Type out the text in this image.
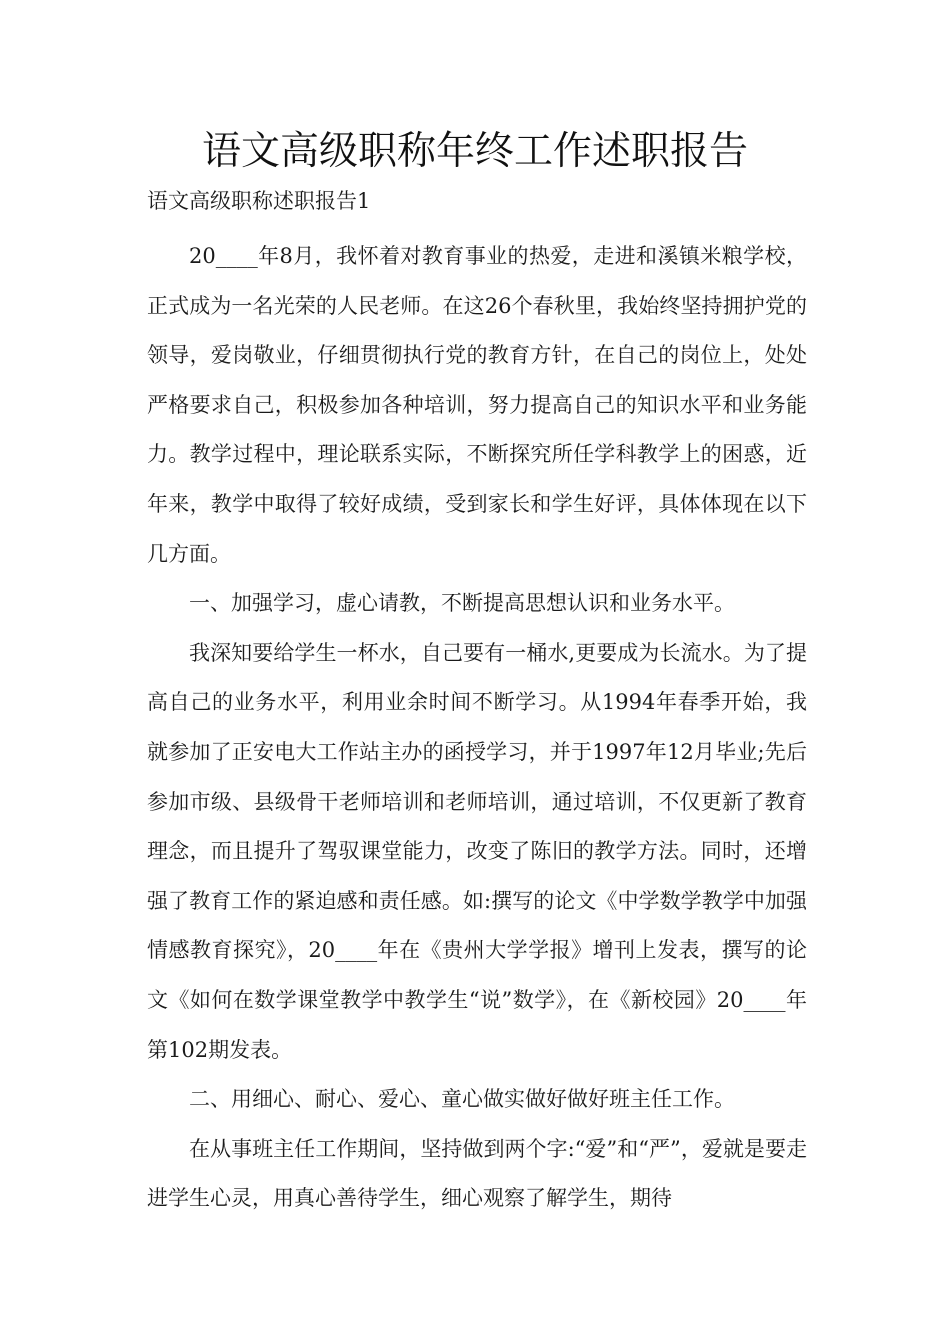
语文高级职称年终工作述职报告
语文高级职称述职报告1

20____年8月，我怀着对教育事业的热爱，走进和溪镇米粮学校，正式成为一名光荣的人民老师。在这26个春秋里，我始终坚持拥护党的领导，爱岗敬业，仔细贯彻执行党的教育方针，在自己的岗位上，处处严格要求自己，积极参加各种培训，努力提高自己的知识水平和业务能力。教学过程中，理论联系实际，不断探究所任学科教学上的困惑，近年来，教学中取得了较好成绩，受到家长和学生好评，具体体现在以下几方面。

一、加强学习，虚心请教，不断提高思想认识和业务水平。

我深知要给学生一杯水，自己要有一桶水,更要成为长流水。为了提高自己的业务水平，利用业余时间不断学习。从1994年春季开始，我就参加了正安电大工作站主办的函授学习，并于1997年12月毕业;先后参加市级、县级骨干老师培训和老师培训，通过培训，不仅更新了教育理念，而且提升了驾驭课堂能力，改变了陈旧的教学方法。同时，还增强了教育工作的紧迫感和责任感。如:撰写的论文《中学数学教学中加强情感教育探究》，20____年在《贵州大学学报》增刊上发表，撰写的论文《如何在数学课堂教学中教学生“说”数学》，在《新校园》20____年第102期发表。

二、用细心、耐心、爱心、童心做实做好做好班主任工作。

在从事班主任工作期间，坚持做到两个字:“爱”和“严”，爱就是要走进学生心灵，用真心善待学生，细心观察了解学生，期待
